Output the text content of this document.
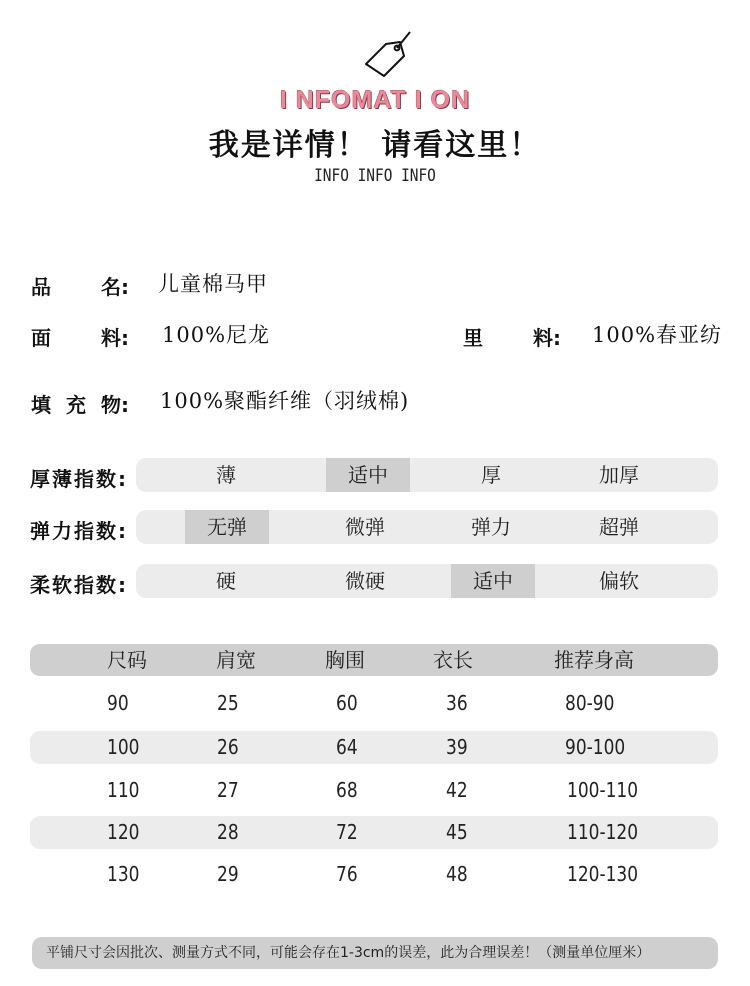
I NFOMAT I ON
我是详情！ 请看这里！
INFO INFO INFO
品	名: 儿童棉马甲
面	料: 100%尼龙	里	料: 100%春亚纺
填 充 物: 100%聚酯纤维（羽绒棉)
厚薄指数:	薄	适中	厚	加厚
弹力指数:	无弹	微弹	弹力	超弹
柔软指数:	硬	微硬	适中	偏软
尺码	肩宽	胸围	衣长	推荐身高
90	25	60	36	80-90
100	26	64	39	90-100
110	27	68	42	100-110
120	28	72	45	110-120
130	29	76	48	120-130
平铺尺寸会因批次、测量方式不同，可能会存在1-3cm的误差，此为合理误差！（测量单位厘米）
